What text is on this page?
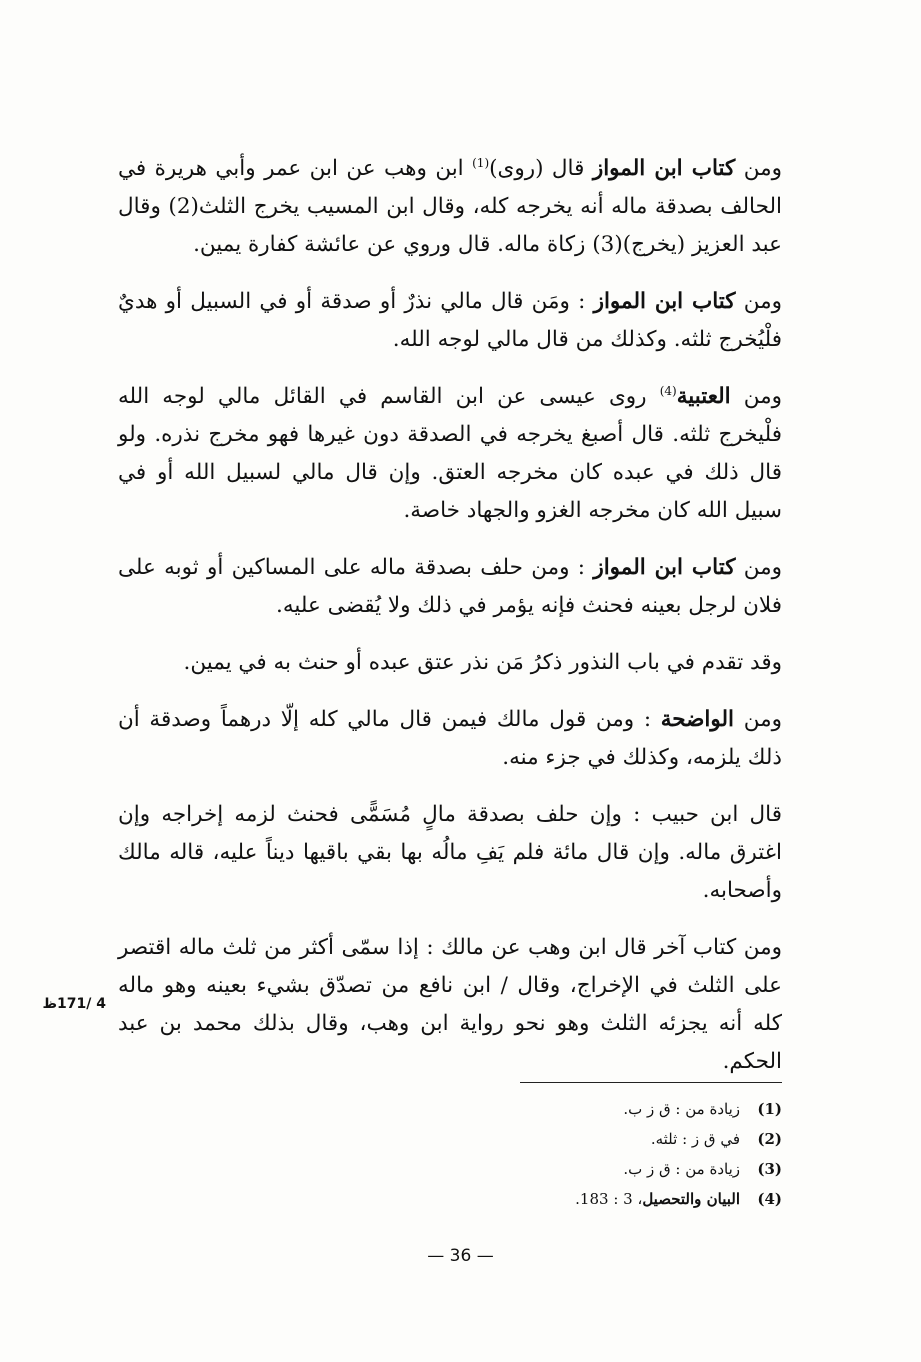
ومن كتاب ابن المواز قال (روى)$^{(1)}$ ابن وهب عن ابن عمر وأبي هريرة في الحالف بصدقة ماله أنه يخرجه كله، وقال ابن المسيب يخرج الثلث(2) وقال عبد العزيز (يخرج)(3) زكاة ماله. قال وروي عن عائشة كفارة يمين.

ومن كتاب ابن المواز : ومَن قال مالي نذرٌ أو صدقة أو في السبيل أو هديٌ فلْيُخرج ثلثه. وكذلك من قال مالي لوجه الله.

ومن العتبية$^{(4)}$ روى عيسى عن ابن القاسم في القائل مالي لوجه الله فلْيخرج ثلثه. قال أصبغ يخرجه في الصدقة دون غيرها فهو مخرج نذره. ولو قال ذلك في عبده كان مخرجه العتق. وإن قال مالي لسبيل الله أو في سبيل الله كان مخرجه الغزو والجهاد خاصة.

ومن كتاب ابن المواز : ومن حلف بصدقة ماله على المساكين أو ثوبه على فلان لرجل بعينه فحنث فإنه يؤمر في ذلك ولا يُقضى عليه.

وقد تقدم في باب النذور ذكرُ مَن نذر عتق عبده أو حنث به في يمين.

ومن الواضحة : ومن قول مالك فيمن قال مالي كله إلّا درهماً وصدقة أن ذلك يلزمه، وكذلك في جزء منه.

قال ابن حبيب : وإن حلف بصدقة مالٍ مُسَمًّى فحنث لزمه إخراجه وإن اغترق ماله. وإن قال مائة فلم يَفِ مالُه بها بقي باقيها ديناً عليه، قاله مالك وأصحابه.

ومن كتاب آخر قال ابن وهب عن مالك : إذا سمّى أكثر من ثلث ماله اقتصر على الثلث في الإخراج، وقال / ابن نافع من تصدّق بشيء بعينه وهو ماله كله أنه يجزئه الثلث وهو نحو رواية ابن وهب، وقال بذلك محمد بن عبد الحكم.

4 /171ظ
(1)زيادة من : ق ز ب.
(2)في ق ز : ثلثه.
(3)زيادة من : ق ز ب.
(4)البيان والتحصيل، 3 : 183.
— 36 —
